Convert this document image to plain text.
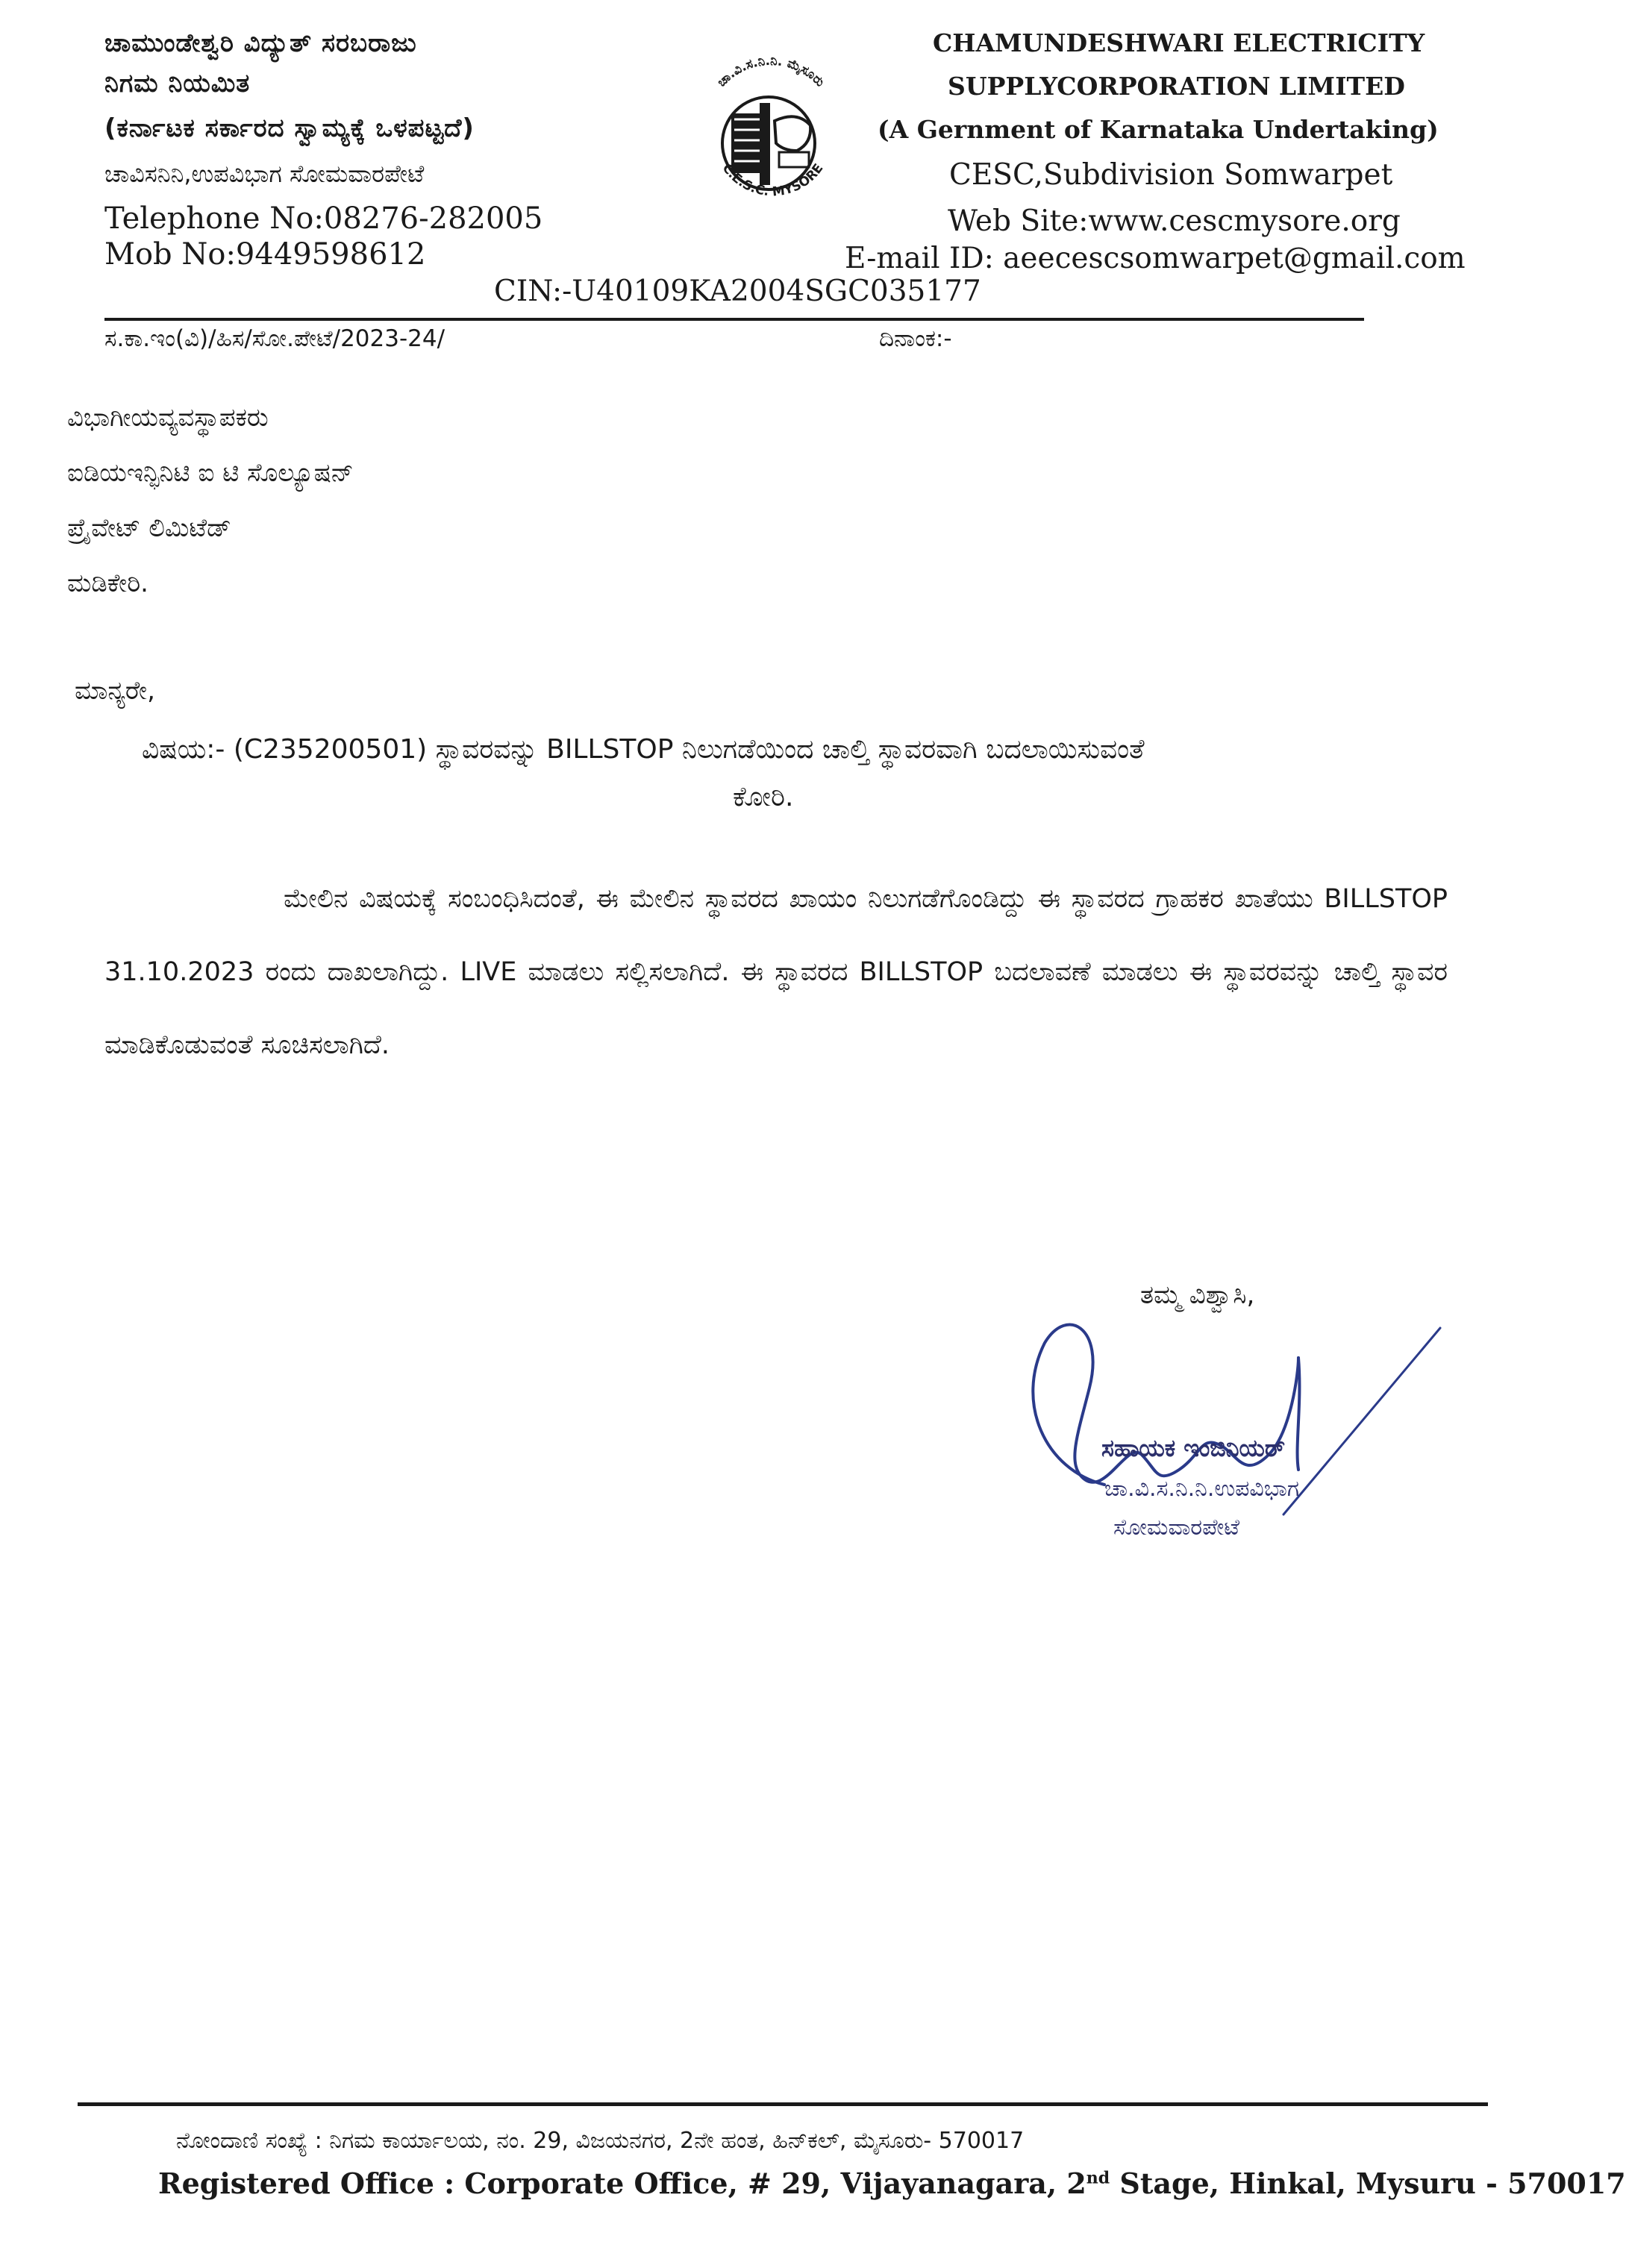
ಚಾಮುಂಡೇಶ್ವರಿ ವಿದ್ಯುತ್ ಸರಬರಾಜು
ನಿಗಮ ನಿಯಮಿತ
(ಕರ್ನಾಟಕ ಸರ್ಕಾರದ ಸ್ವಾಮ್ಯಕ್ಕೆ ಒಳಪಟ್ಟದೆ)
ಚಾವಿಸನಿನಿ,ಉಪವಿಭಾಗ ಸೋಮವಾರಪೇಟೆ
Telephone No:08276-282005
Mob No:9449598612
ಚಾ.ವಿ.ಸ.ನಿ.ನಿ. ಮೈಸೂರು
C.E.S.C. MYSORE
CHAMUNDESHWARI ELECTRICITY
SUPPLYCORPORATION LIMITED
(A Gernment of Karnataka Undertaking)
CESC,Subdivision Somwarpet
Web Site:www.cescmysore.org
E-mail ID: aeecescsomwarpet@gmail.com
CIN:-U40109KA2004SGC035177
ಸ.ಕಾ.ಇಂ(ವಿ)/ಹಿಸ/ಸೋ.ಪೇಟೆ/2023-24/	ದಿನಾಂಕ:-
ವಿಭಾಗೀಯವ್ಯವಸ್ಥಾಪಕರು
ಐಡಿಯಇನ್ಫಿನಿಟಿ ಐ ಟಿ ಸೊಲ್ಯೂಷನ್
ಪ್ರೈವೇಟ್ ಲಿಮಿಟೆಡ್
ಮಡಿಕೇರಿ.
ಮಾನ್ಯರೇ,
ವಿಷಯ:- (C235200501) ಸ್ಥಾವರವನ್ನು BILLSTOP ನಿಲುಗಡೆಯಿಂದ ಚಾಲ್ತಿ ಸ್ಥಾವರವಾಗಿ ಬದಲಾಯಿಸುವಂತೆ
ಕೋರಿ.
ಮೇಲಿನ ವಿಷಯಕ್ಕೆ ಸಂಬಂಧಿಸಿದಂತೆ, ಈ ಮೇಲಿನ ಸ್ಥಾವರದ ಖಾಯಂ ನಿಲುಗಡೆಗೊಂಡಿದ್ದು ಈ ಸ್ಥಾವರದ ಗ್ರಾಹಕರ ಖಾತೆಯು BILLSTOP 31.10.2023 ರಂದು ದಾಖಲಾಗಿದ್ದು. LIVE ಮಾಡಲು ಸಲ್ಲಿಸಲಾಗಿದೆ. ಈ ಸ್ಥಾವರದ BILLSTOP ಬದಲಾವಣೆ ಮಾಡಲು ಈ ಸ್ಥಾವರವನ್ನು ಚಾಲ್ತಿ ಸ್ಥಾವರ ಮಾಡಿಕೊಡುವಂತೆ ಸೂಚಿಸಲಾಗಿದೆ.
ತಮ್ಮ ವಿಶ್ವಾಸಿ,
ಸಹಾಯಕ ಇಂಜಿನಿಯರ್
ಚಾ.ವಿ.ಸ.ನಿ.ನಿ.ಉಪವಿಭಾಗ
ಸೋಮವಾರಪೇಟೆ
ನೋಂದಾಣಿ ಸಂಖ್ಯೆ : ನಿಗಮ ಕಾರ್ಯಾಲಯ, ನಂ. 29, ವಿಜಯನಗರ, 2ನೇ ಹಂತ, ಹಿನ್‌ಕಲ್, ಮೈಸೂರು- 570017
Registered Office : Corporate Office, # 29, Vijayanagara, 2nd Stage, Hinkal, Mysuru - 570017
